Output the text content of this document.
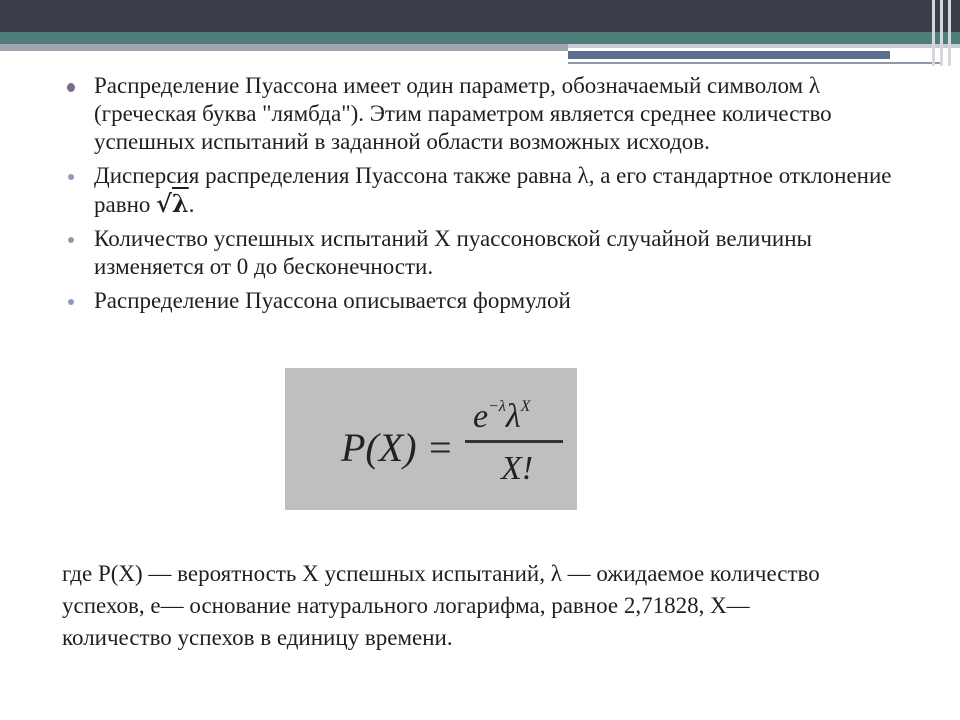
Распределение Пуассона имеет один параметр, обозначаемый символом λ (греческая буква "лямбда"). Этим параметром является среднее количество успешных испытаний в заданной области возможных исходов.
Дисперсия распределения Пуассона также равна λ, а его стандартное отклонение равно √λ.
Количество успешных испытаний X пуассоновской случайной величины изменяется от 0 до бесконечности.
Распределение Пуассона описывается формулой
P(X) =
$e^{-\lambda}\lambda^X$
X!

где P(X) — вероятность X успешных испытаний, λ — ожидаемое количество успехов, e— основание натурального логарифма, равное 2,71828, X— количество успехов в единицу времени.
